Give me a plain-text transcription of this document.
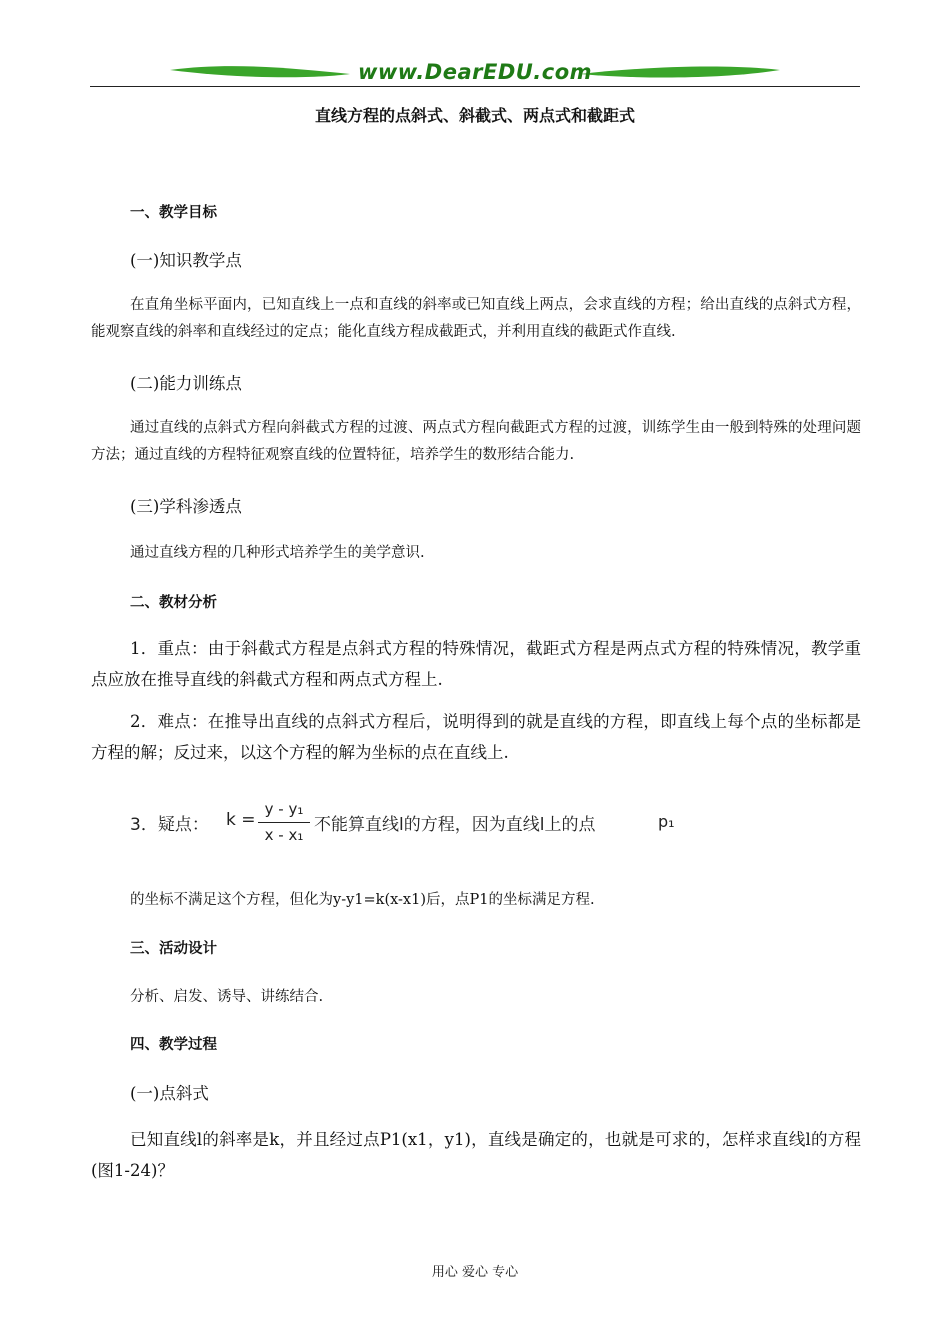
www.DearEDU.com
直线方程的点斜式、斜截式、两点式和截距式
一、教学目标
(一)知识教学点
在直角坐标平面内，已知直线上一点和直线的斜率或已知直线上两点，会求直线的方程；给出直线的点斜式方程，能观察直线的斜率和直线经过的定点；能化直线方程成截距式，并利用直线的截距式作直线.
(二)能力训练点
通过直线的点斜式方程向斜截式方程的过渡、两点式方程向截距式方程的过渡，训练学生由一般到特殊的处理问题方法；通过直线的方程特征观察直线的位置特征，培养学生的数形结合能力.
(三)学科渗透点
通过直线方程的几种形式培养学生的美学意识.
二、教材分析
1．重点：由于斜截式方程是点斜式方程的特殊情况，截距式方程是两点式方程的特殊情况，教学重点应放在推导直线的斜截式方程和两点式方程上.
2．难点：在推导出直线的点斜式方程后，说明得到的就是直线的方程，即直线上每个点的坐标都是方程的解；反过来，以这个方程的解为坐标的点在直线上.
3．疑点： k =
y - y₁
x - x₁ 不能算直线l的方程，因为直线l上的点	p₁
的坐标不满足这个方程，但化为y-y1=k(x-x1)后，点P1的坐标满足方程.
三、活动设计
分析、启发、诱导、讲练结合.
四、教学过程
(一)点斜式
已知直线l的斜率是k，并且经过点P1(x1，y1)，直线是确定的，也就是可求的，怎样求直线l的方程(图1-24)？
用心 爱心 专心
